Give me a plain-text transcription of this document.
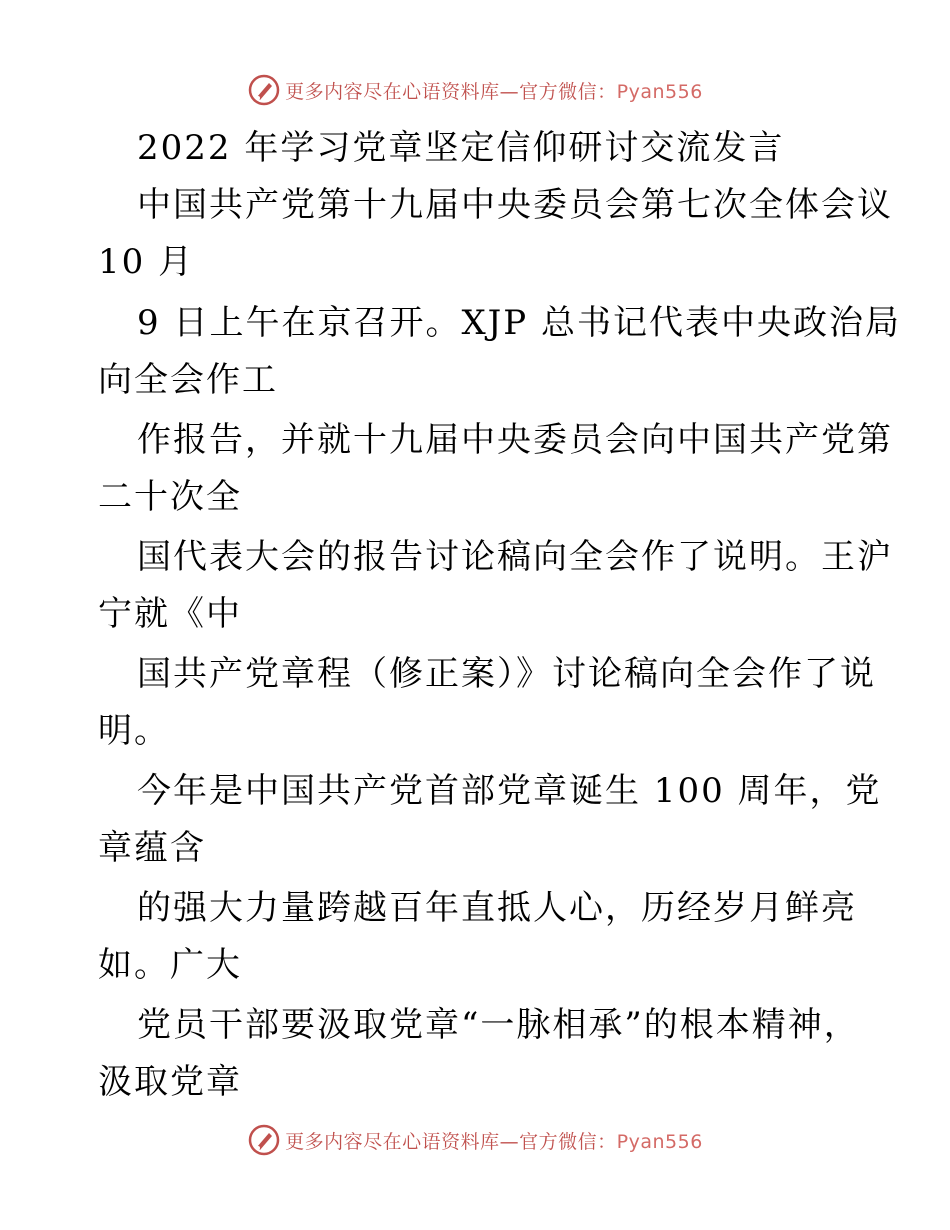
更多内容尽在心语资料库—官方微信：Pyan556
2022 年学习党章坚定信仰研讨交流发言
中国共产党第十九届中央委员会第七次全体会议
10 月
9 日上午在京召开。XJP 总书记代表中央政治局
向全会作工
作报告，并就十九届中央委员会向中国共产党第
二十次全
国代表大会的报告讨论稿向全会作了说明。王沪
宁就《中
国共产党章程（修正案）》讨论稿向全会作了说
明。
今年是中国共产党首部党章诞生 100 周年，党
章蕴含
的强大力量跨越百年直抵人心，历经岁月鲜亮
如。广大
党员干部要汲取党章“一脉相承”的根本精神，
汲取党章
更多内容尽在心语资料库—官方微信：Pyan556
